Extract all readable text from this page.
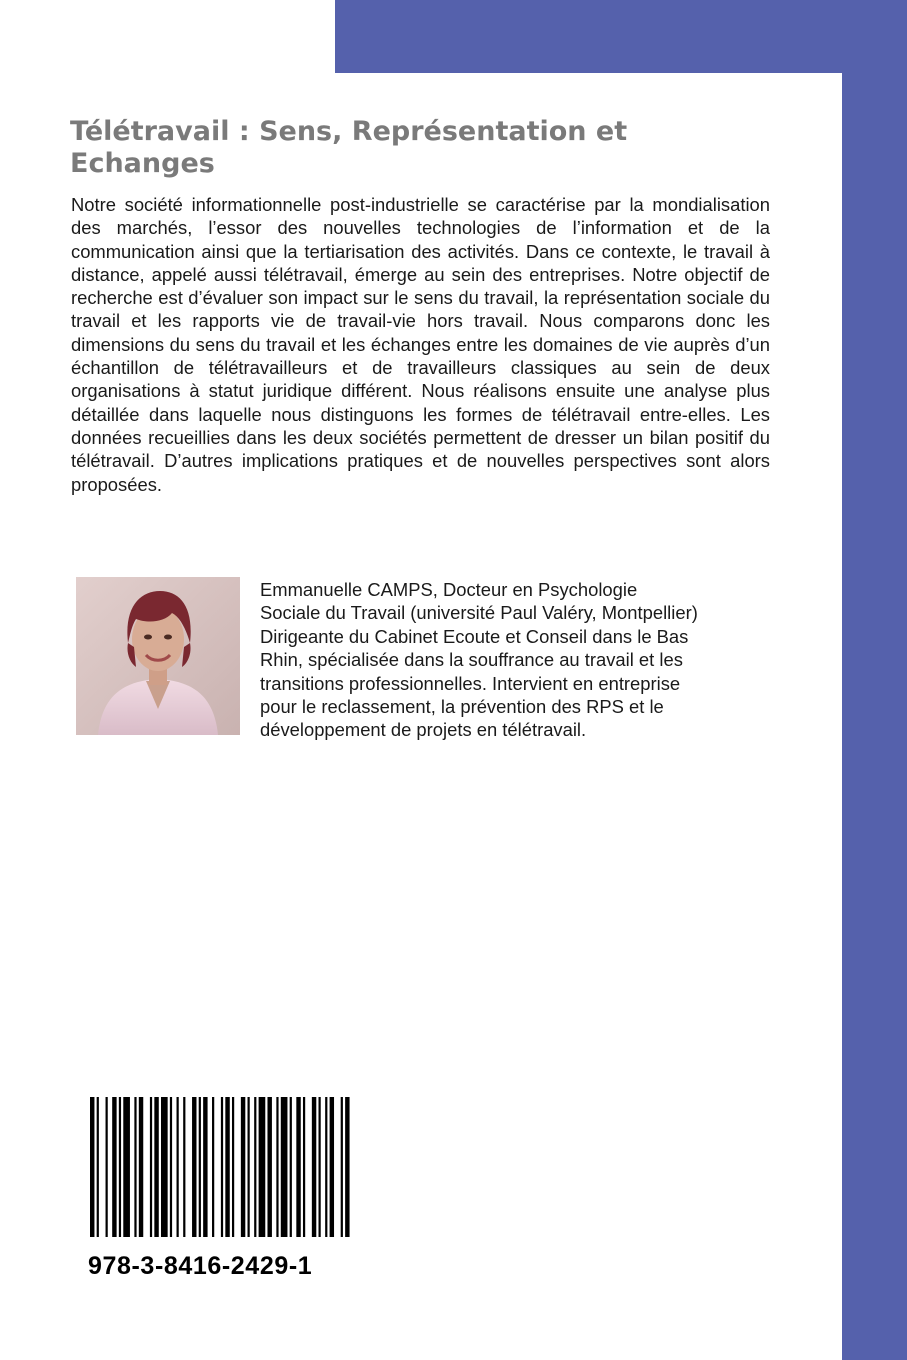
Télétravail : Sens, Représentation et Echanges

Notre société informationnelle post-industrielle se caractérise par la mondialisation des marchés, l’essor des nouvelles technologies de l’information et de la communication ainsi que la tertiarisation des activités. Dans ce contexte, le travail à distance, appelé aussi télétravail, émerge au sein des entreprises. Notre objectif de recherche est d’évaluer son impact sur le sens du travail, la représentation sociale du travail et les rapports vie de travail-vie hors travail. Nous comparons donc les dimensions du sens du travail et les échanges entre les domaines de vie auprès d’un échantillon de télétravailleurs et de travailleurs classiques au sein de deux organisations à statut juridique différent. Nous réalisons ensuite une analyse plus détaillée dans laquelle nous distinguons les formes de télétravail entre-elles. Les données recueillies dans les deux sociétés permettent de dresser un bilan positif du télétravail. D’autres implications pratiques et de nouvelles perspectives sont alors proposées.

Emmanuelle CAMPS, Docteur en Psychologie
Sociale du Travail (université Paul Valéry, Montpellier)
Dirigeante du Cabinet Ecoute et Conseil dans le Bas
Rhin, spécialisée dans la souffrance au travail et les
transitions professionnelles. Intervient en entreprise
pour le reclassement, la prévention des RPS et le
développement de projets en télétravail.

978-3-8416-2429-1
